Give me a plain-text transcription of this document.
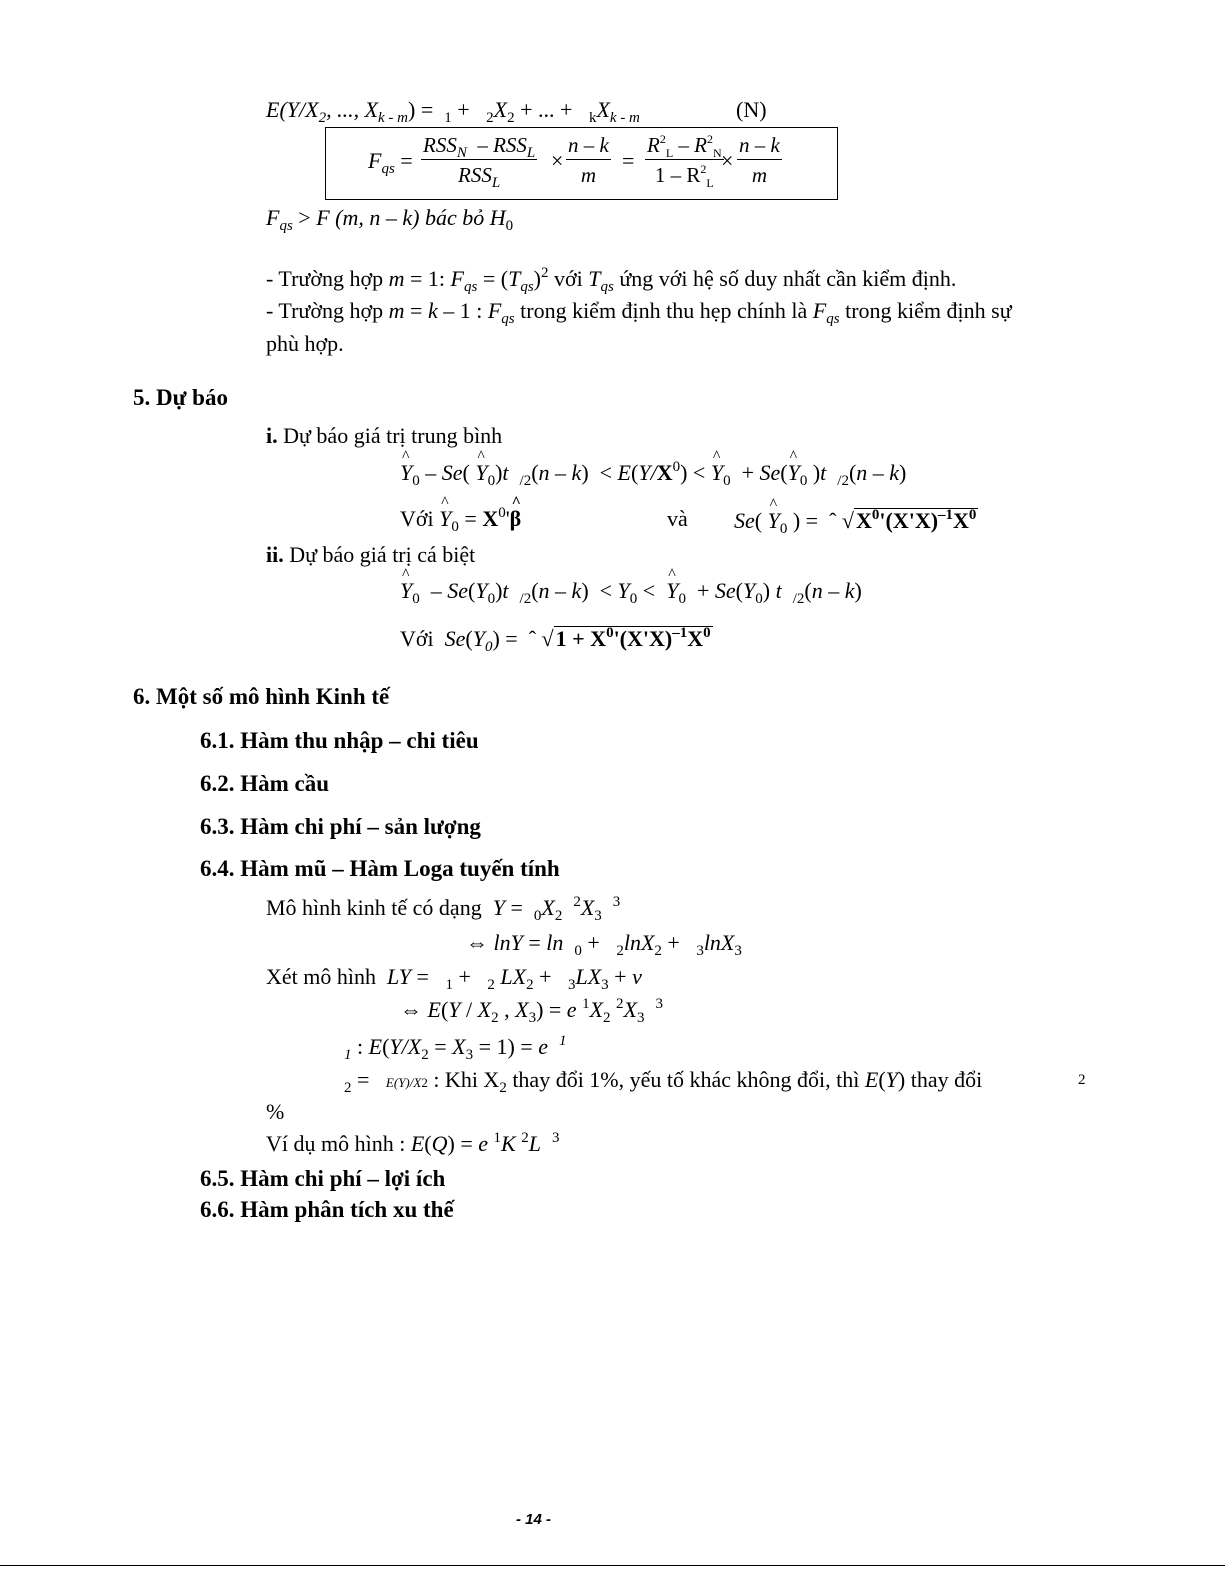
$E(Y/X_2$, ..., $X_{k - m}) = _1 + _2X_2$ + ... +   $_kX_{k - m}$	(N)
$F_{qs}$ =
$RSS_N - RSS_L$
$RSS_L$
× $\frac{n - k}{m} = \frac{R^2_L - R^2_N}{1 - R^2_L}$
× $\frac{n - k}{m}$
$F_{qs} > F$ (m, n – k) bác bỏ $H_0$
- Trường hợp m = 1: $F_{qs} = (T_{qs})^2$ với $T_{qs}$ ứng với hệ số duy nhất cần kiểm định.
- Trường hợp m = k – 1 : $F_{qs}$ trong kiểm định thu hẹp chính là $F_{qs}$ trong kiểm định sự
phù hợp.
5. Dự báo
i. Dự báo giá trị trung bình
^ $Y_0 - Se$( ^ $Y_0)t$ $_{/2}(n - k) < E(Y/X^0)$ < ^ $Y_0$  + Se(^ $Y_0$ )t $_{/2}$(n – k)
Với ^ $Y_0$ = $X^0'\^{}$ β	và Se( ^ $Y_0$ ) =  ˆ $√X^0'(X'X)^{-1}X^0$
ii. Dự báo giá trị cá biệt
^ $Y_0 - Se(Y_0)t$ $_{/2}(n - k) < Y_0$ <  ^ $Y_0 + Se(Y_0)$ t $_{/2}$(n – k)
Với $Se(Y_0)$ =  ˆ $√1 + X^0'(X'X)^{-1}X^0$
6. Một số mô hình Kinh tế
6.1. Hàm thu nhập – chi tiêu
6.2. Hàm cầu
6.3. Hàm chi phí – sản lượng
6.4. Hàm mũ – Hàm Loga tuyến tính
Mô hình kinh tế có dạng $Y = _0X_2$  $^2X_3$  $^3$
⇔ lnY = ln $_0$ +   $_2$lnX$_2$ +   $_3$lnX$_3$
Xét mô hình LY =   $_1$ +   $_2$ $LX_2 + _3LX_3 + v$
⇔ $E(Y / X_2$ , $X_3) = e$ $^1X_2$ $^2X_3$  $^3$
$_1$ : $E(Y/X_2 = X_3 = 1) = e$ $^1$
$_2$ =   E(Y)/X2 : Khi $X_2$ thay đổi 1%, yếu tố khác không đổi, thì E(Y) thay đổi	2
%
Ví dụ mô hình : E(Q) = e $^1$K $^2$L $^3$
6.5. Hàm chi phí – lợi ích
6.6. Hàm phân tích xu thế
- 14 -
